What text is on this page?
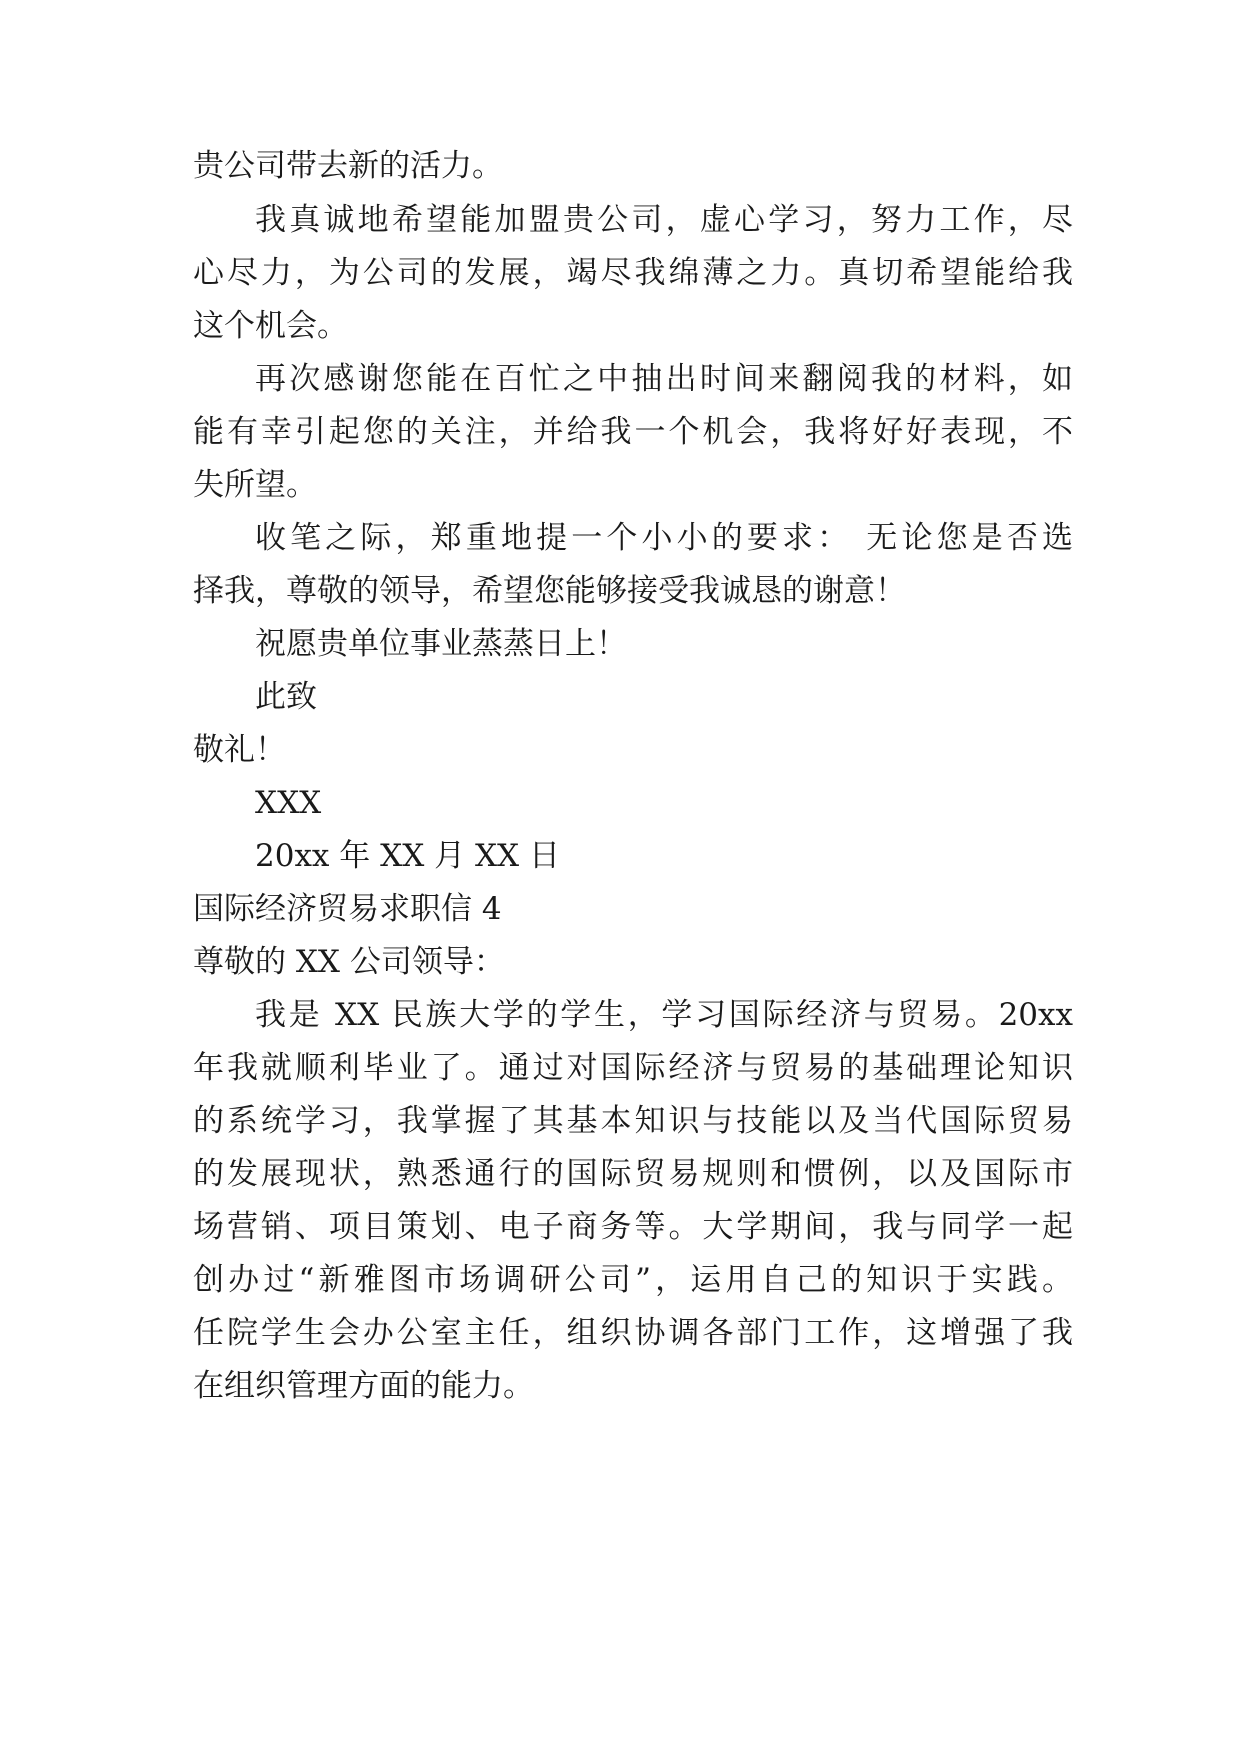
贵公司带去新的活力。
我真诚地希望能加盟贵公司，虚心学习，努力工作，尽
心尽力，为公司的发展，竭尽我绵薄之力。真切希望能给我
这个机会。
再次感谢您能在百忙之中抽出时间来翻阅我的材料，如
能有幸引起您的关注，并给我一个机会，我将好好表现，不
失所望。
收笔之际，郑重地提一个小小的要求： 无论您是否选
择我，尊敬的领导，希望您能够接受我诚恳的谢意！
祝愿贵单位事业蒸蒸日上！
此致
敬礼！
XXX
20xx 年 XX 月 XX 日
国际经济贸易求职信 4
尊敬的 XX 公司领导：
我是 XX 民族大学的学生，学习国际经济与贸易。20xx
年我就顺利毕业了。通过对国际经济与贸易的基础理论知识
的系统学习，我掌握了其基本知识与技能以及当代国际贸易
的发展现状，熟悉通行的国际贸易规则和惯例，以及国际市
场营销、项目策划、电子商务等。大学期间，我与同学一起
创办过“新雅图市场调研公司”，运用自己的知识于实践。
任院学生会办公室主任，组织协调各部门工作，这增强了我
在组织管理方面的能力。
